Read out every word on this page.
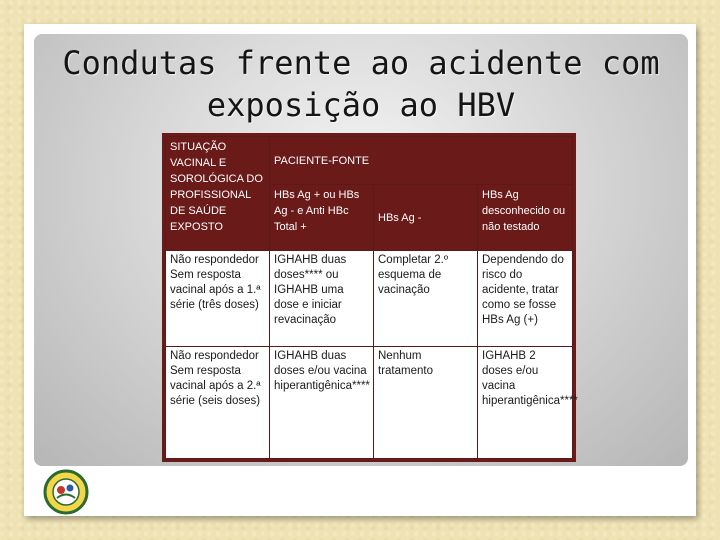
Condutas frente ao acidente com
exposição ao HBV
SITUAÇÃO VACINAL E SOROLÓGICA DO PROFISSIONAL DE SAÚDE EXPOSTO	PACIENTE-FONTE		
	HBs Ag + ou HBs Ag - e Anti HBc Total +	HBs Ag -	HBs Ag desconhecido ou não testado
Não respondedor Sem resposta vacinal após a 1.ª série (três doses)	IGHAHB duas doses**** ou IGHAHB uma dose e iniciar revacinação	Completar 2.º esquema de vacinação	Dependendo do risco do acidente, tratar como se fosse HBs Ag (+)
Não respondedor Sem resposta vacinal após a 2.ª série (seis doses)	IGHAHB duas doses e/ou vacina hiperantigênica****	Nenhum tratamento	IGHAHB 2 doses e/ou vacina hiperantigênica****
